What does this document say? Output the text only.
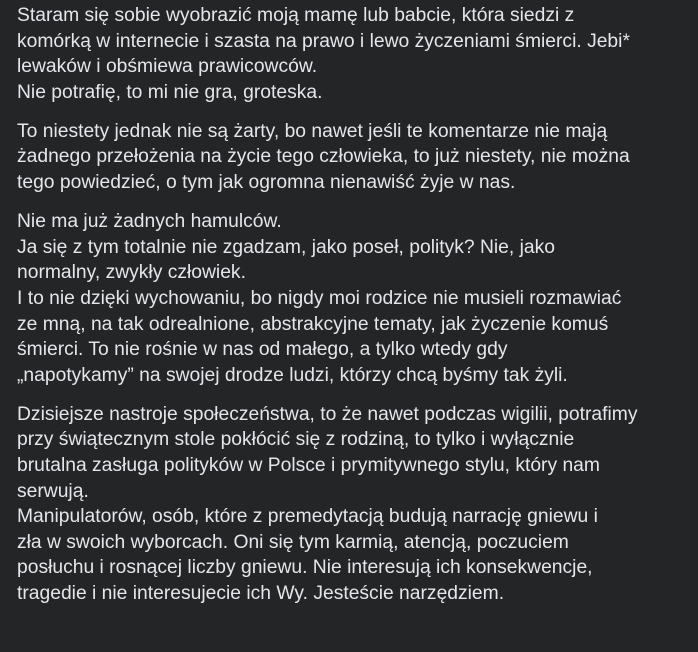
Staram się sobie wyobrazić moją mamę lub babcie, która siedzi z
komórką w internecie i szasta na prawo i lewo życzeniami śmierci. Jebi*
lewaków i obśmiewa prawicowców.
Nie potrafię, to mi nie gra, groteska.
To niestety jednak nie są żarty, bo nawet jeśli te komentarze nie mają
żadnego przełożenia na życie tego człowieka, to już niestety, nie można
tego powiedzieć, o tym jak ogromna nienawiść żyje w nas.
Nie ma już żadnych hamulców.
Ja się z tym totalnie nie zgadzam, jako poseł, polityk? Nie, jako
normalny, zwykły człowiek.
I to nie dzięki wychowaniu, bo nigdy moi rodzice nie musieli rozmawiać
ze mną, na tak odrealnione, abstrakcyjne tematy, jak życzenie komuś
śmierci. To nie rośnie w nas od małego, a tylko wtedy gdy
„napotykamy” na swojej drodze ludzi, którzy chcą byśmy tak żyli.
Dzisiejsze nastroje społeczeństwa, to że nawet podczas wigilii, potrafimy
przy świątecznym stole pokłócić się z rodziną, to tylko i wyłącznie
brutalna zasługa polityków w Polsce i prymitywnego stylu, który nam
serwują.
Manipulatorów, osób, które z premedytacją budują narrację gniewu i
zła w swoich wyborcach. Oni się tym karmią, atencją, poczuciem
posłuchu i rosnącej liczby gniewu. Nie interesują ich konsekwencje,
tragedie i nie interesujecie ich Wy. Jesteście narzędziem.
